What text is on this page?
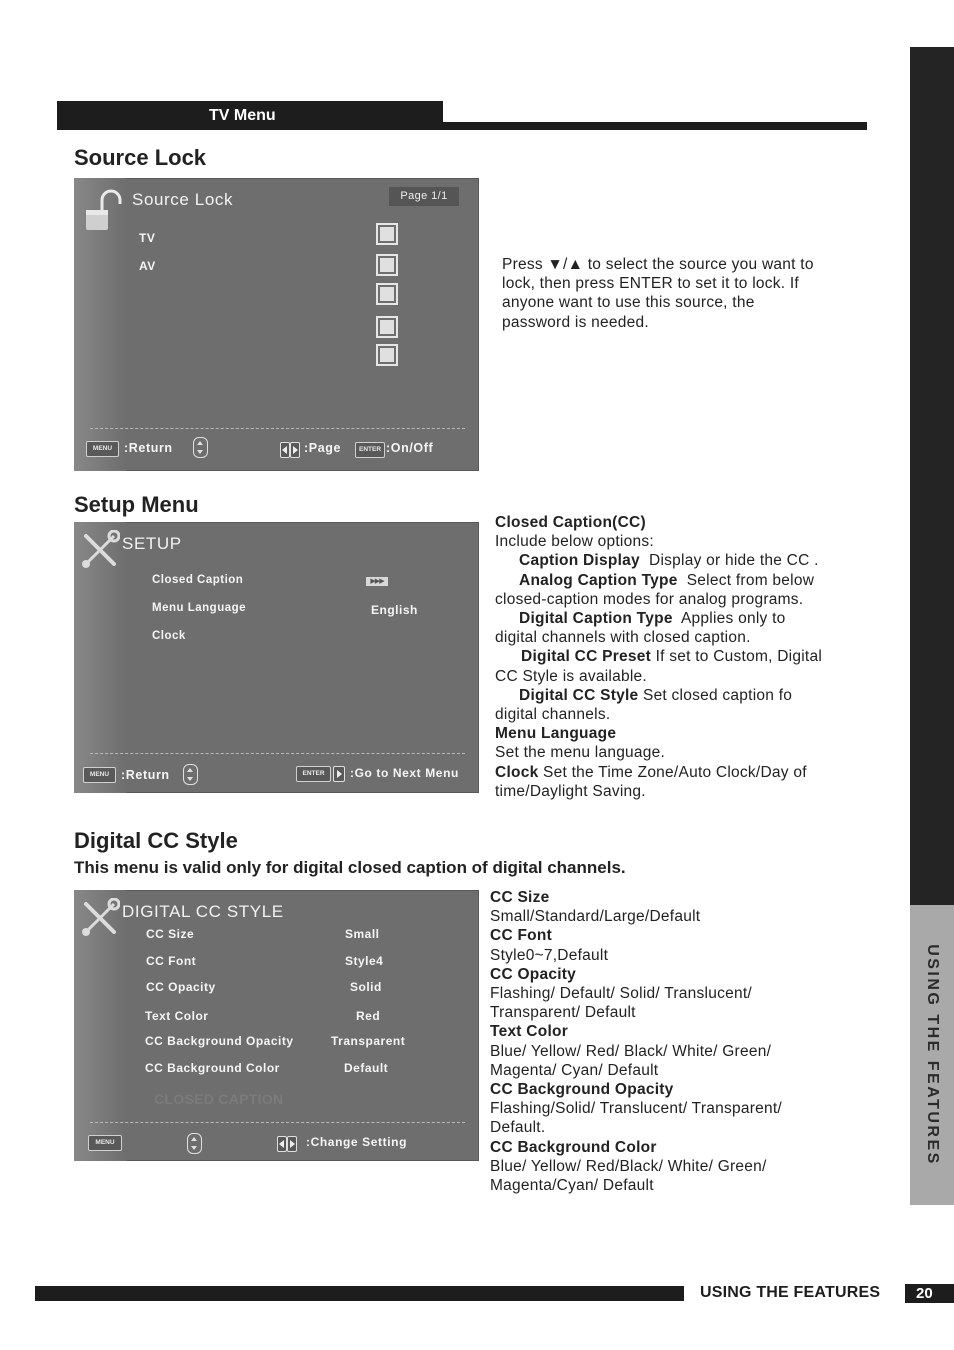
TV Menu
USING THE FEATURES
Source Lock
Source Lock	Page 1/1
TV
AV
MENU :Return	:Page	ENTER :On/Off

Press ▼/▲ to select the source you want to

lock, then press ENTER to set it to lock. If

anyone want to use this source, the

password is needed.

Setup Menu
SETUP
Closed Caption	▶▶▶
Menu Language	English
Clock
MENU :Return	ENTER	:Go to Next Menu

Closed Caption(CC)

Include below options:

Caption Display  Display or hide the CC .

Analog Caption Type  Select from below

closed-caption modes for analog programs.

Digital Caption Type  Applies only to

digital channels with closed caption.

Digital CC Preset If set to Custom, Digital

CC Style is available.

Digital CC Style Set closed caption fo

digital channels.

Menu Language

Set the menu language.

Clock Set the Time Zone/Auto Clock/Day of

time/Daylight Saving.

Digital CC Style
This menu is valid only for digital closed caption of digital channels.
DIGITAL CC STYLE
CC Size	Small
CC Font	Style4
CC Opacity	Solid
Text Color	Red
CC Background Opacity	Transparent
CC Background Color	Default
CLOSED CAPTION
MENU	:Change Setting

CC Size

Small/Standard/Large/Default

CC Font

Style0~7,Default

CC Opacity

Flashing/ Default/ Solid/ Translucent/

Transparent/ Default

Text Color

Blue/ Yellow/ Red/ Black/ White/ Green/

Magenta/ Cyan/ Default

CC Background Opacity

Flashing/Solid/ Translucent/ Transparent/

Default.

CC Background Color

Blue/ Yellow/ Red/Black/ White/ Green/

Magenta/Cyan/ Default

USING THE FEATURES 20
